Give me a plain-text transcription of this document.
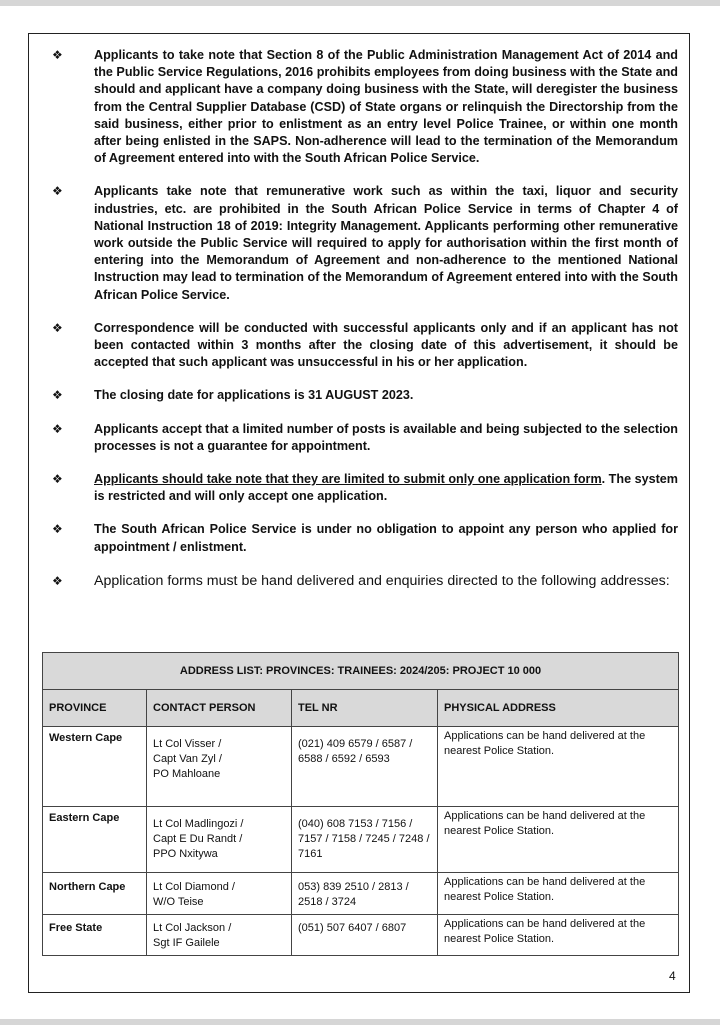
❖ Applicants to take note that Section 8 of the Public Administration Management Act of 2014 and the Public Service Regulations, 2016 prohibits employees from doing business with the State and should and applicant have a company doing business with the State, will deregister the business from the Central Supplier Database (CSD) of State organs or relinquish the Directorship from the said business, either prior to enlistment as an entry level Police Trainee, or within one month after being enlisted in the SAPS. Non-adherence will lead to the termination of the Memorandum of Agreement entered into with the South African Police Service.
❖ Applicants take note that remunerative work such as within the taxi, liquor and security industries, etc. are prohibited in the South African Police Service in terms of Chapter 4 of National Instruction 18 of 2019: Integrity Management. Applicants performing other remunerative work outside the Public Service will required to apply for authorisation within the first month of entering into the Memorandum of Agreement and non-adherence to the mentioned National Instruction may lead to termination of the Memorandum of Agreement entered into with the South African Police Service.
❖ Correspondence will be conducted with successful applicants only and if an applicant has not been contacted within 3 months after the closing date of this advertisement, it should be accepted that such applicant was unsuccessful in his or her application.
❖ The closing date for applications is 31 AUGUST 2023.
❖ Applicants accept that a limited number of posts is available and being subjected to the selection processes is not a guarantee for appointment.
❖ Applicants should take note that they are limited to submit only one application form. The system is restricted and will only accept one application.
❖ The South African Police Service is under no obligation to appoint any person who applied for appointment / enlistment.
❖ Application forms must be hand delivered and enquiries directed to the following addresses:
ADDRESS LIST: PROVINCES: TRAINEES: 2024/205: PROJECT 10 000			
PROVINCE	CONTACT PERSON	TEL NR	PHYSICAL ADDRESS
Western Cape	Lt Col Visser /
Capt Van Zyl /
PO Mahloane	(021) 409 6579 / 6587 /
6588 / 6592 / 6593	Applications can be hand delivered at the nearest Police Station.
Eastern Cape	Lt Col Madlingozi /
Capt E Du Randt /
PPO Nxitywa	(040) 608 7153 / 7156 /
7157 / 7158 / 7245 / 7248 /
7161	Applications can be hand delivered at the nearest Police Station.
Northern Cape	Lt Col Diamond /
W/O Teise	053) 839 2510 / 2813 /
2518 / 3724	Applications can be hand delivered at the nearest Police Station.
Free State	Lt Col Jackson /
Sgt IF Gailele	(051) 507 6407 / 6807	Applications can be hand delivered at the nearest Police Station.
4
